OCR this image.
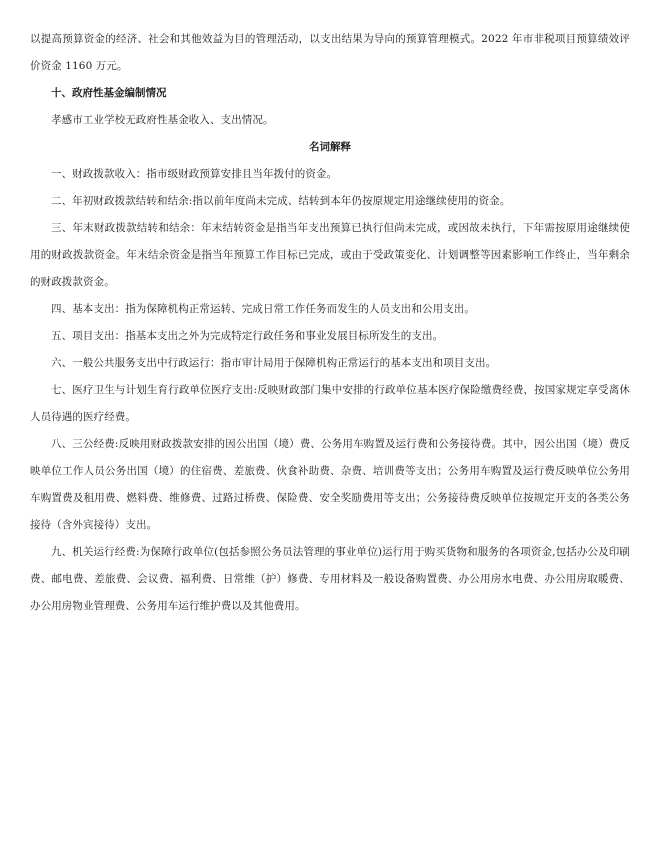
以提高预算资金的经济、社会和其他效益为目的管理活动，以支出结果为导向的预算管理模式。2022 年市非税项目预算绩效评价资金 1160 万元。

十、政府性基金编制情况

孝感市工业学校无政府性基金收入、支出情况。

名词解释

一、财政拨款收入：指市级财政预算安排且当年拨付的资金。

二、年初财政拨款结转和结余:指以前年度尚未完成、结转到本年仍按原规定用途继续使用的资金。

三、年末财政拨款结转和结余：年末结转资金是指当年支出预算已执行但尚未完成，或因故未执行，下年需按原用途继续使用的财政拨款资金。年末结余资金是指当年预算工作目标已完成，或由于受政策变化、计划调整等因素影响工作终止，当年剩余的财政拨款资金。

四、基本支出：指为保障机构正常运转、完成日常工作任务而发生的人员支出和公用支出。

五、项目支出：指基本支出之外为完成特定行政任务和事业发展目标所发生的支出。

六、一般公共服务支出中行政运行：指市审计局用于保障机构正常运行的基本支出和项目支出。

七、医疗卫生与计划生育行政单位医疗支出:反映财政部门集中安排的行政单位基本医疗保险缴费经费，按国家规定享受离休人员待遇的医疗经费。

八、三公经费:反映用财政拨款安排的因公出国（境）费、公务用车购置及运行费和公务接待费。其中，因公出国（境）费反映单位工作人员公务出国（境）的住宿费、差旅费、伙食补助费、杂费、培训费等支出；公务用车购置及运行费反映单位公务用车购置费及租用费、燃料费、维修费、过路过桥费、保险费、安全奖励费用等支出；公务接待费反映单位按规定开支的各类公务接待（含外宾接待）支出。

九、机关运行经费:为保障行政单位(包括参照公务员法管理的事业单位)运行用于购买货物和服务的各项资金,包括办公及印刷费、邮电费、差旅费、会议费、福利费、日常维（护）修费、专用材料及一般设备购置费、办公用房水电费、办公用房取暖费、办公用房物业管理费、公务用车运行维护费以及其他费用。
